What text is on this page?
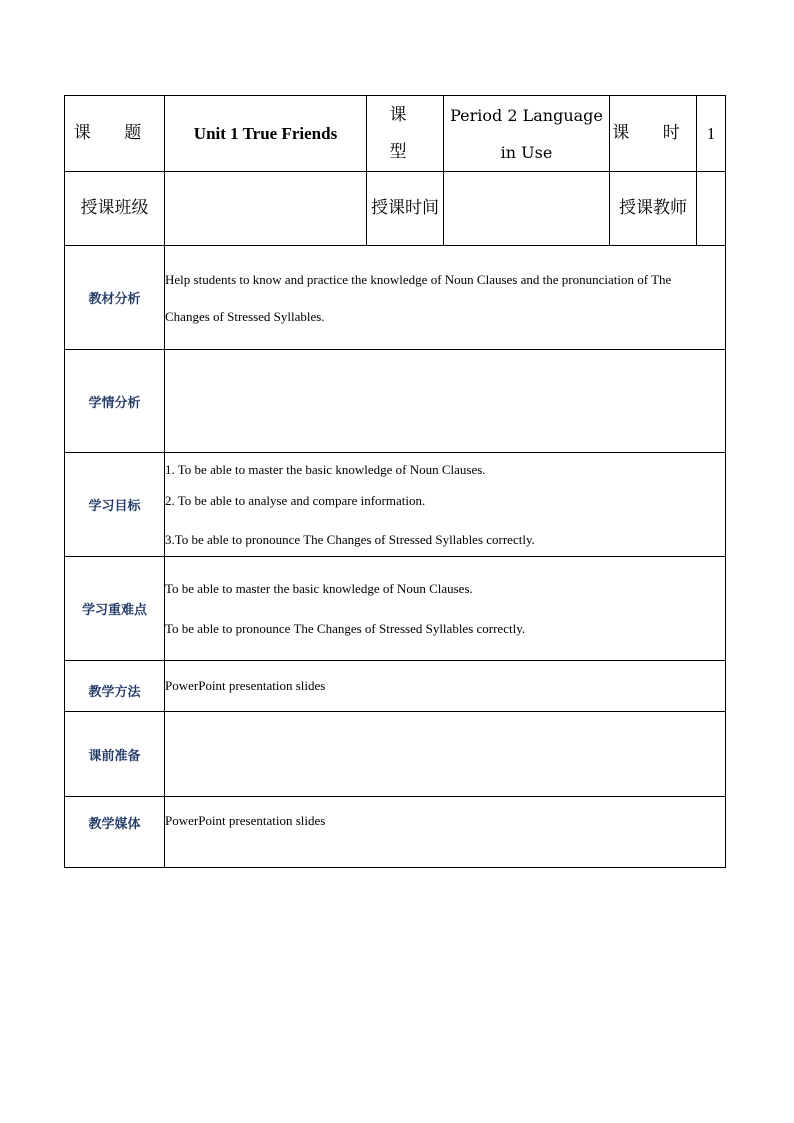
课 题	Unit 1 True Friends	课 型	Period 2 Language in Use	课 时	1
授课班级		授课时间		授课教师	
教材分析	Help students to know and practice the knowledge of Noun Clauses and the pronunciation of The
Changes of Stressed Syllables.				

学情分析					
学习目标	1. To be able to master the basic knowledge of Noun Clauses.
2. To be able to analyse and compare information.
3.To be able to pronounce The Changes of Stressed Syllables correctly.				

学习重难点	To be able to master the basic knowledge of Noun Clauses.
To be able to pronounce The Changes of Stressed Syllables correctly.				

教学方法	PowerPoint presentation slides				
课前准备					
教学媒体	PowerPoint presentation slides				
